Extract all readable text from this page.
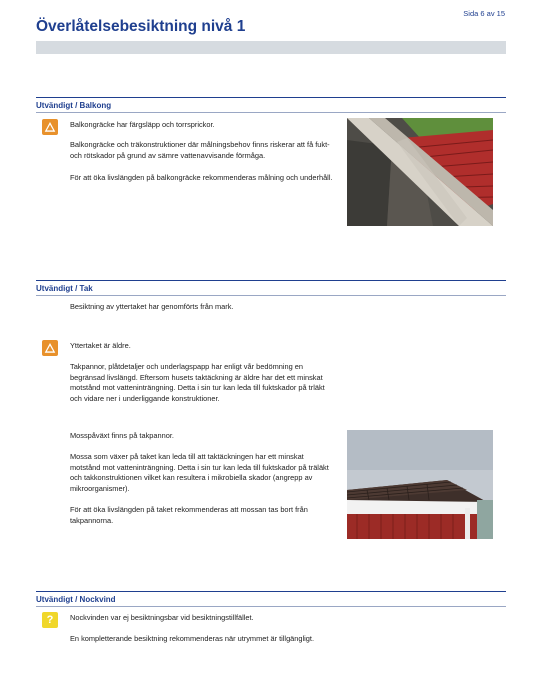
Sida 6 av 15
Överlåtelsebesiktning nivå 1
Utvändigt / Balkong

Balkongräcke har färgsläpp och torrsprickor.

Balkongräcke och träkonstruktioner där målningsbehov finns riskerar att få fukt- och rötskador på grund av sämre vattenavvisande förmåga.

För att öka livslängden på balkongräcke rekommenderas målning och underhåll.

Utvändigt / Tak

Besiktning av yttertaket har genomförts från mark.

Yttertaket är äldre.

Takpannor, plåtdetaljer och underlagspapp har enligt vår bedömning en begränsad livslängd. Eftersom husets taktäckning är äldre har det ett minskat motstånd mot vatteninträngning. Detta i sin tur kan leda till fuktskador på trläkt och vidare ner i underliggande konstruktioner.

Mosspåväxt finns på takpannor.

Mossa som växer på taket kan leda till att taktäckningen har ett minskat motstånd mot vatteninträngning. Detta i sin tur kan leda till fuktskador på träläkt och takkonstruktionen vilket kan resultera i mikrobiella skador (angrepp av mikroorganismer).

För att öka livslängden på taket rekommenderas att mossan tas bort från takpannorna.

Utvändigt / Nockvind
?	Nockvinden var ej besiktningsbar vid besiktningstillfället.

En kompletterande besiktning rekommenderas när utrymmet är tillgängligt.
